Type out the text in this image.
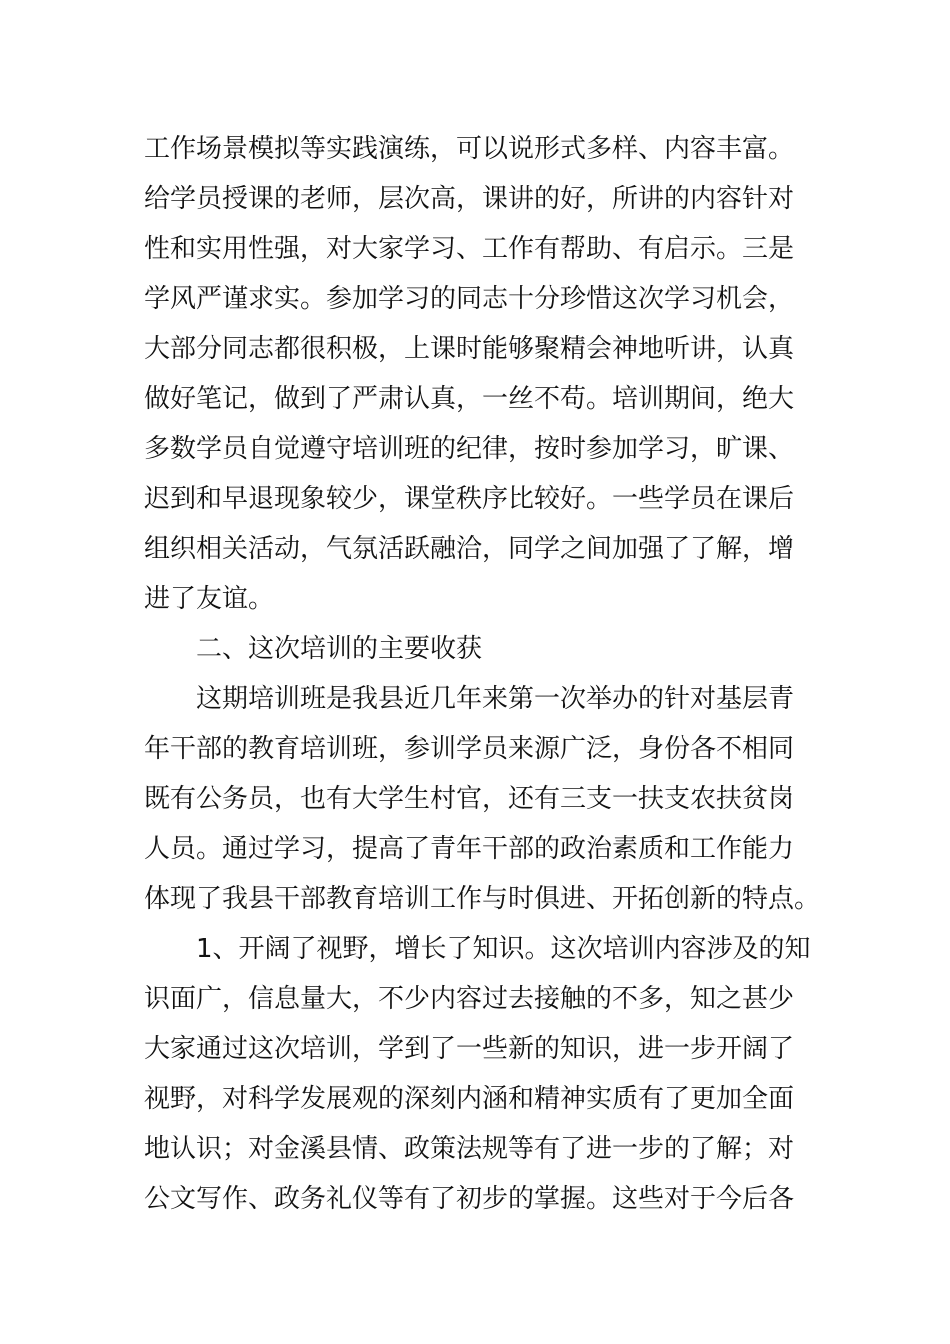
工作场景模拟等实践演练，可以说形式多样、内容丰富。
给学员授课的老师，层次高，课讲的好，所讲的内容针对
性和实用性强，对大家学习、工作有帮助、有启示。三是
学风严谨求实。参加学习的同志十分珍惜这次学习机会，
大部分同志都很积极，上课时能够聚精会神地听讲，认真
做好笔记，做到了严肃认真，一丝不苟。培训期间，绝大
多数学员自觉遵守培训班的纪律，按时参加学习，旷课、
迟到和早退现象较少，课堂秩序比较好。一些学员在课后
组织相关活动，气氛活跃融洽，同学之间加强了了解，增
进了友谊。
二、这次培训的主要收获
这期培训班是我县近几年来第一次举办的针对基层青
年干部的教育培训班，参训学员来源广泛，身份各不相同
既有公务员，也有大学生村官，还有三支一扶支农扶贫岗
人员。通过学习，提高了青年干部的政治素质和工作能力
体现了我县干部教育培训工作与时俱进、开拓创新的特点。
1、开阔了视野，增长了知识。这次培训内容涉及的知
识面广，信息量大，不少内容过去接触的不多，知之甚少
大家通过这次培训，学到了一些新的知识，进一步开阔了
视野，对科学发展观的深刻内涵和精神实质有了更加全面
地认识；对金溪县情、政策法规等有了进一步的了解；对
公文写作、政务礼仪等有了初步的掌握。这些对于今后各
